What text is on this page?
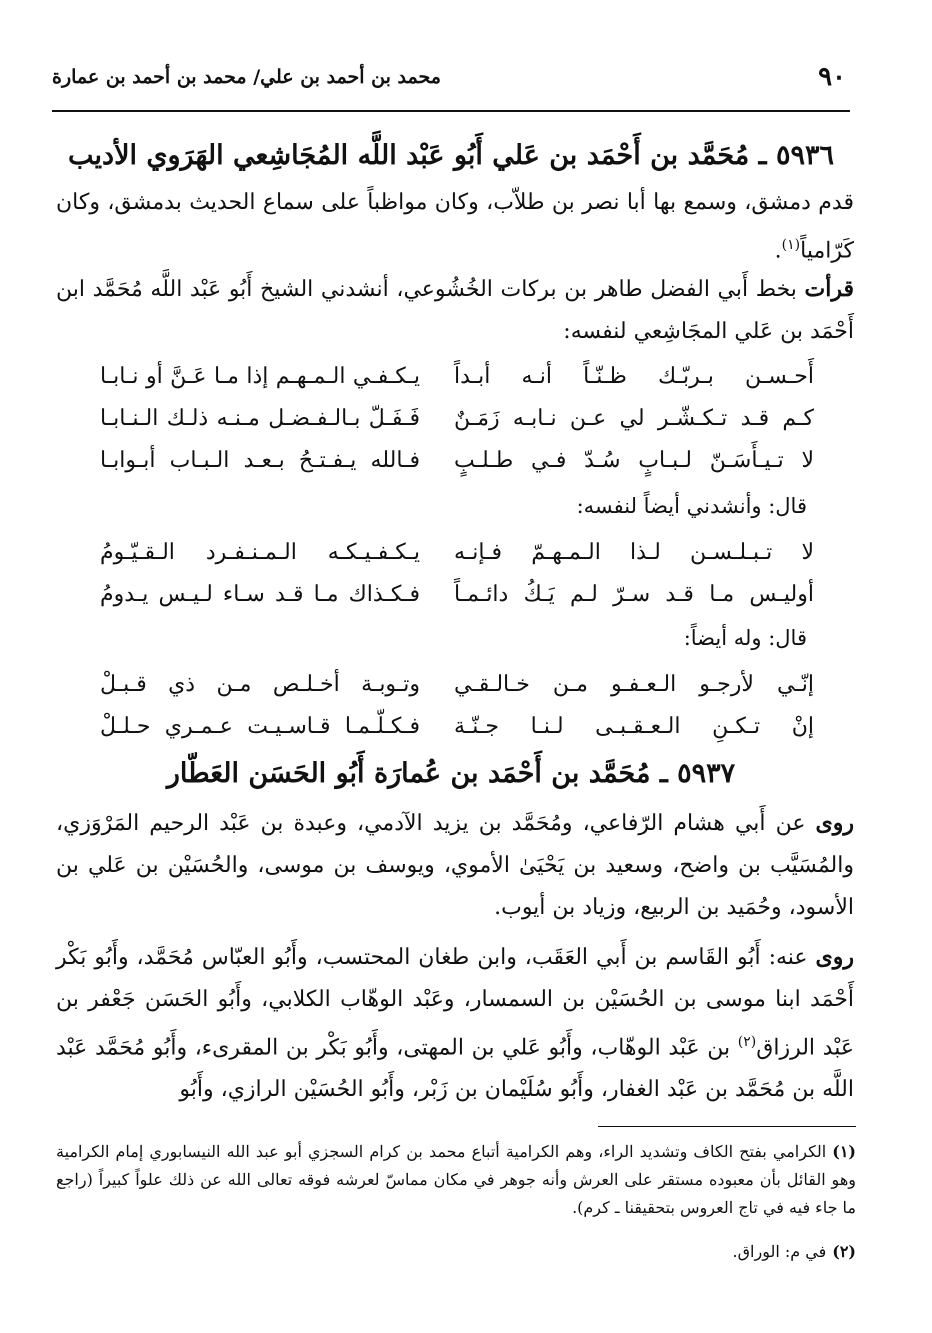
٩٠
محمد بن أحمد بن علي/ محمد بن أحمد بن عمارة
٥٩٣٦ ـ مُحَمَّد بن أَحْمَد بن عَلي أَبُو عَبْد اللَّه المُجَاشِعي الهَرَوي الأديب
قدم دمشق، وسمع بها أبا نصر بن طلاّب، وكان مواظباً على سماع الحديث بدمشق، وكان كَرّامياً$^{(١)}$.
قرأت بخط أَبي الفضل طاهر بن بركات الخُشُوعي، أنشدني الشيخ أَبُو عَبْد اللَّه مُحَمَّد ابن أَحْمَد بن عَلي المجَاشِعي لنفسه:
أَحـسـن بـربّـك ظـنّـاً أنـه أبـداً
يـكـفـي الـمـهـم إذا مـا عَـنَّ أو نـابـا
كـم قـد تـكـشّـر لي عـن نـابـه زَمَـنٌ
فَـفَـلّ بـالـفـضـل مـنـه ذلـك الـنـابـا
لا تـيـأَسَـنّ لـبـابٍ سُـدّ فـي طـلـبٍ
فـالله يـفـتـحُ بـعـد الـبـاب أبـوابـا
قال: وأنشدني أيضاً لنفسه:
لا تـبـلـسـن لـذا الـمـهـمّ فـإنـه
يـكـفـيـكـه الـمـنـفـرد الـقـيّـومُ
أوليـس مـا قـد سـرّ لـم يَـكُ دائـمـاً
فـكـذاك مـا قـد سـاء لـيـس يـدومُ
قال: وله أيضاً:
إنّـي لأرجـو الـعـفـو مـن خـالـقـي
وتـوبـة أخـلـص مـن ذي قـبـلْ
إنْ تـكـنِ الـعـقـبـى لـنـا جـنّـة
فـكـلّـمـا قـاسـيـت عـمـري حـلـلْ
٥٩٣٧ ـ مُحَمَّد بن أَحْمَد بن عُمارَة أَبُو الحَسَن العَطّار
روى عن أَبي هشام الرّفاعي، ومُحَمَّد بن يزيد الآدمي، وعبدة بن عَبْد الرحيم المَرْوَزي، والمُسَيَّب بن واضح، وسعيد بن يَحْيَىٰ الأموي، ويوسف بن موسى، والحُسَيْن بن عَلي بن الأسود، وحُمَيد بن الربيع، وزياد بن أيوب.
روى عنه: أَبُو القَاسم بن أَبي العَقَب، وابن طغان المحتسب، وأَبُو العبّاس مُحَمَّد، وأَبُو بَكْر أَحْمَد ابنا موسى بن الحُسَيْن بن السمسار، وعَبْد الوهّاب الكلابي، وأَبُو الحَسَن جَعْفر بن عَبْد الرزاق$^{(٢)}$ بن عَبْد الوهّاب، وأَبُو عَلي بن المهتى، وأَبُو بَكْر بن المقرىء، وأَبُو مُحَمَّد عَبْد اللَّه بن مُحَمَّد بن عَبْد الغفار، وأَبُو سُلَيْمان بن زَبْر، وأَبُو الحُسَيْن الرازي، وأَبُو
(١)الكرامي بفتح الكاف وتشديد الراء، وهم الكرامية أتباع محمد بن كرام السجزي أبو عبد الله النيسابوري إمام الكرامية وهو القائل بأن معبوده مستقر على العرش وأنه جوهر في مكان مماسّ لعرشه فوقه تعالى الله عن ذلك علواً كبيراً (راجع ما جاء فيه في تاج العروس بتحقيقنا ـ كرم).
(٢)في م: الوراق.
